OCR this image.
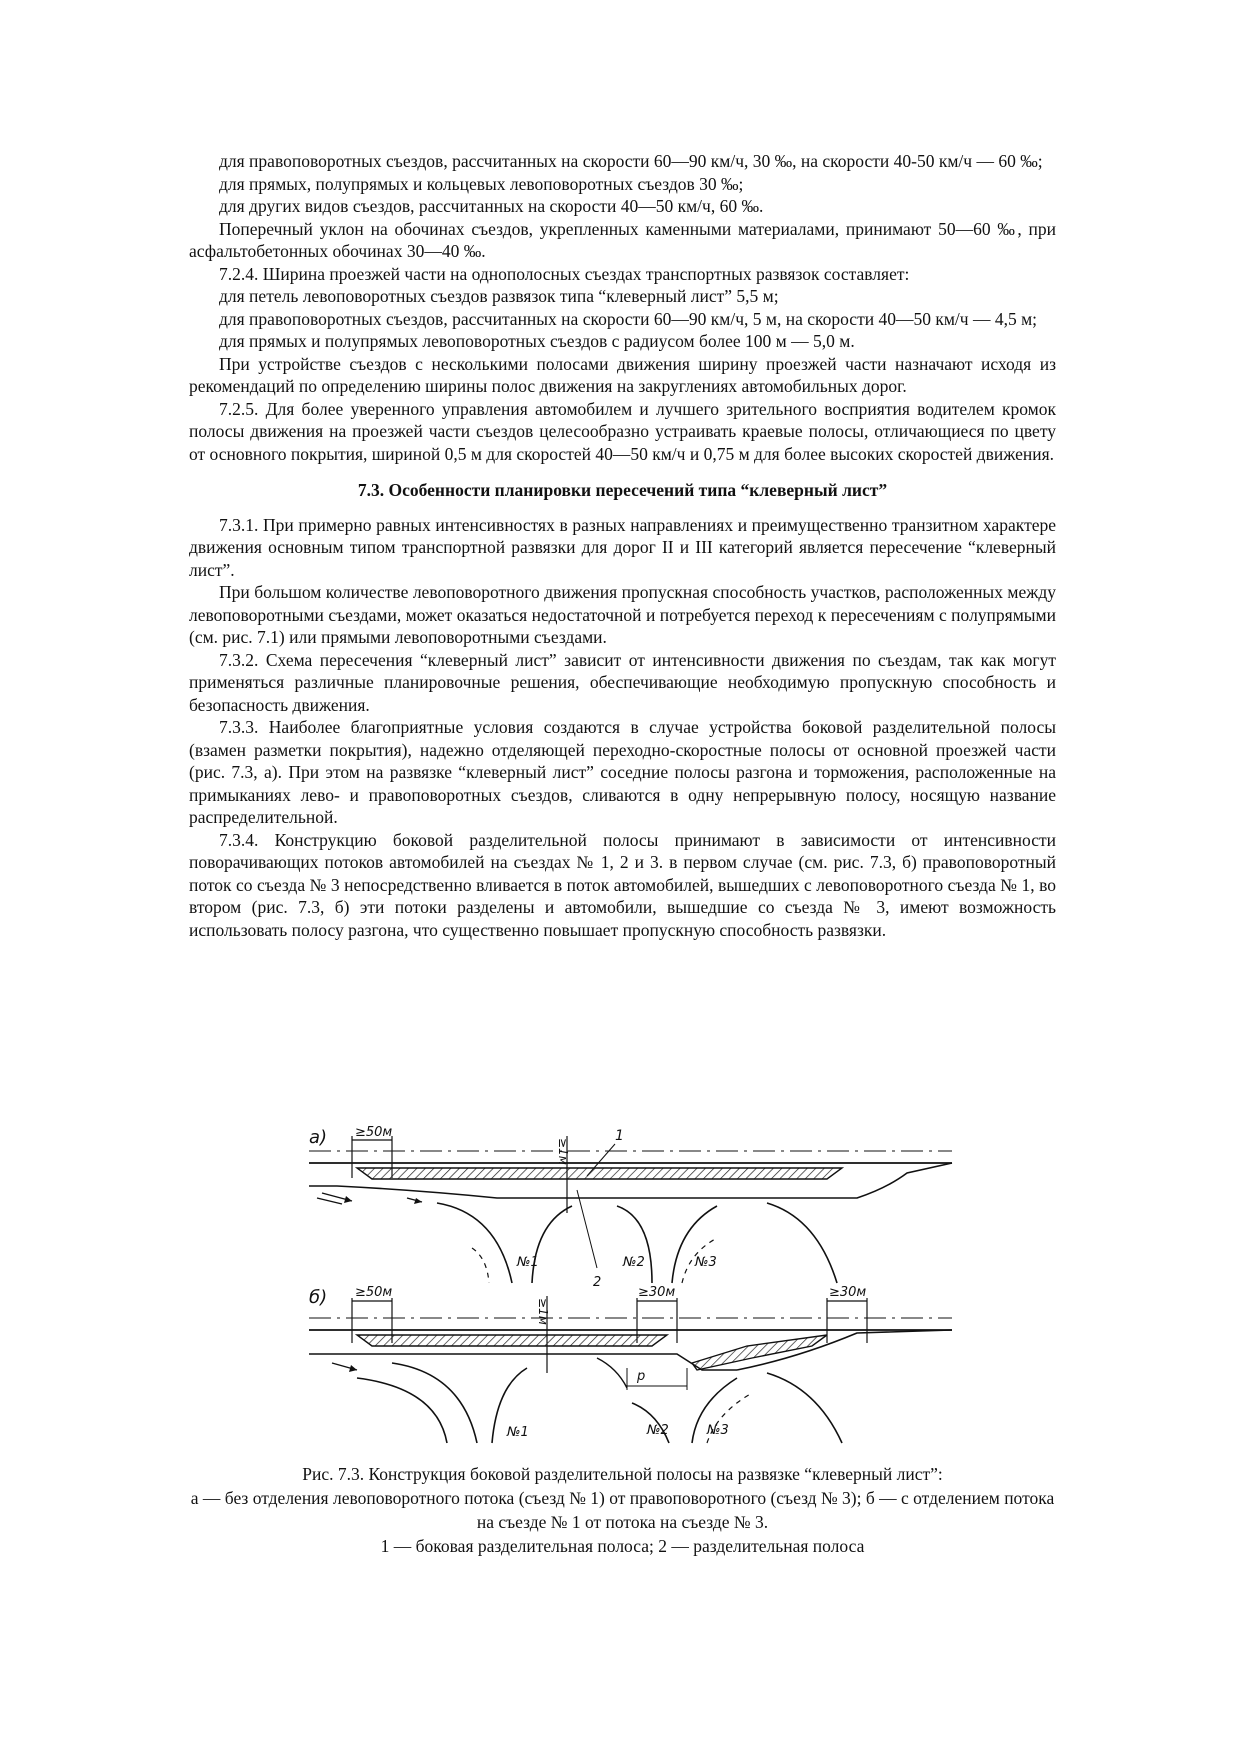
для правоповоротных съездов, рассчитанных на скорости 60—90 км/ч, 30 ‰, на скорости 40-50 км/ч — 60 ‰;

для прямых, полупрямых и кольцевых левоповоротных съездов 30 ‰;

для других видов съездов, рассчитанных на скорости 40—50 км/ч, 60 ‰.

Поперечный уклон на обочинах съездов, укрепленных каменными материалами, принимают 50—60 ‰, при асфальтобетонных обочинах 30—40 ‰.

7.2.4. Ширина проезжей части на однополосных съездах транспортных развязок составляет:

для петель левоповоротных съездов развязок типа “клеверный лист” 5,5 м;

для правоповоротных съездов, рассчитанных на скорости 60—90 км/ч, 5 м, на скорости 40—50 км/ч — 4,5 м;

для прямых и полупрямых левоповоротных съездов с радиусом более 100 м — 5,0 м.

При устройстве съездов с несколькими полосами движения ширину проезжей части назначают исходя из рекомендаций по определению ширины полос движения на закруглениях автомобильных дорог.

7.2.5. Для более уверенного управления автомобилем и лучшего зрительного восприятия водителем кромок полосы движения на проезжей части съездов целесообразно устраивать краевые полосы, отличающиеся по цвету от основного покрытия, шириной 0,5 м для скоростей 40—50 км/ч и 0,75 м для более высоких скоростей движения.

7.3. Особенности планировки пересечений типа “клеверный лист”

7.3.1. При примерно равных интенсивностях в разных направлениях и преимущественно транзитном характере движения основным типом транспортной развязки для дорог II и III категорий является пересечение “клеверный лист”.

При большом количестве левоповоротного движения пропускная способность участков, расположенных между левоповоротными съездами, может оказаться недостаточной и потребуется переход к пересечениям с полупрямыми (см. рис. 7.1) или прямыми левоповоротными съездами.

7.3.2. Схема пересечения “клеверный лист” зависит от интенсивности движения по съездам, так как могут применяться различные планировочные решения, обеспечивающие необходимую пропускную способность и безопасность движения.

7.3.3. Наиболее благоприятные условия создаются в случае устройства боковой разделительной полосы (взамен разметки покрытия), надежно отделяющей переходно-скоростные полосы от основной проезжей части (рис. 7.3, а). При этом на развязке “клеверный лист” соседние полосы разгона и торможения, расположенные на примыканиях лево- и правоповоротных съездов, сливаются в одну непрерывную полосу, носящую название распределительной.

7.3.4. Конструкцию боковой разделительной полосы принимают в зависимости от интенсивности поворачивающих потоков автомобилей на съездах № 1, 2 и 3. в первом случае (см. рис. 7.3, б) правоповоротный поток со съезда № 3 непосредственно вливается в поток автомобилей, вышедших с левоповоротного съезда № 1, во втором (рис. 7.3, б) эти потоки разделены и автомобили, вышедшие со съезда № 3, имеют возможность использовать полосу разгона, что существенно повышает пропускную способность развязки.

а) ≥50м
≥1м
1
№1	№2	№3
2
б) ≥50м
≥1м
≥30м	≥30м
р
№1	№2	№3

Рис. 7.3. Конструкция боковой разделительной полосы на развязке “клеверный лист”:

а — без отделения левоповоротного потока (съезд № 1) от правоповоротного (съезд № 3); б — с отделением потока на съезде № 1 от потока на съезде № 3.

1 — боковая разделительная полоса; 2 — разделительная полоса
